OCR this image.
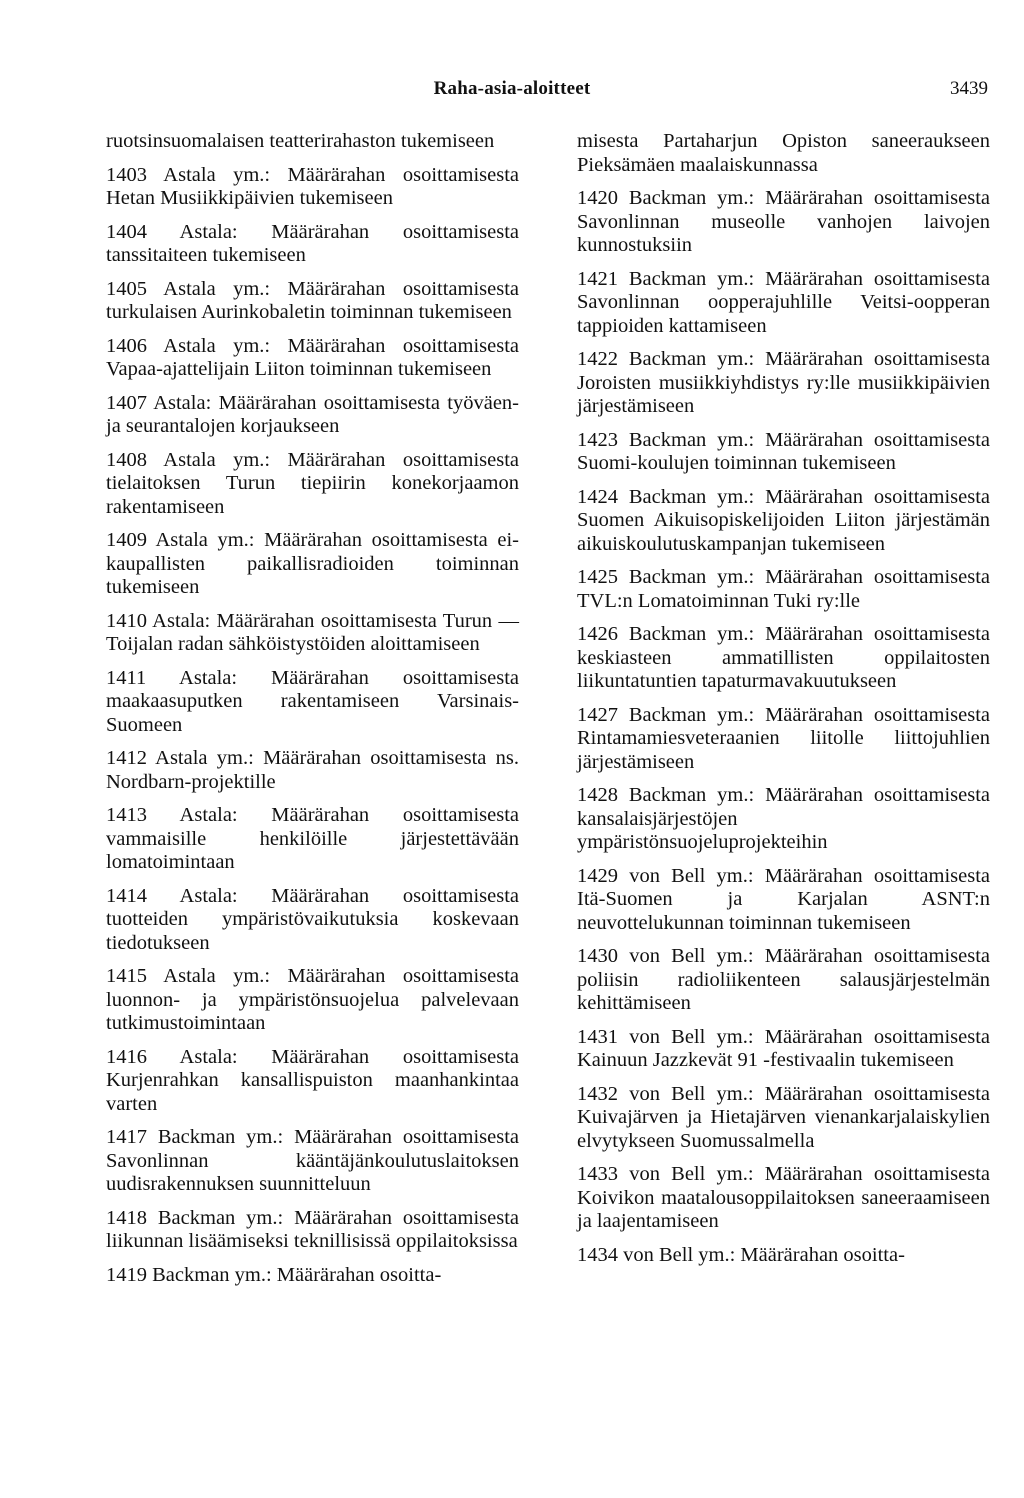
Raha-asia-aloitteet	3439

ruotsinsuomalaisen teatterirahaston tukemiseen

1403 Astala ym.: Määrärahan osoittamisesta Hetan Musiikkipäivien tukemiseen

1404 Astala: Määrärahan osoittamisesta tanssitaiteen tukemiseen

1405 Astala ym.: Määrärahan osoittamisesta turkulaisen Aurinkobaletin toiminnan tukemiseen

1406 Astala ym.: Määrärahan osoittamisesta Vapaa-ajattelijain Liiton toiminnan tukemiseen

1407 Astala: Määrärahan osoittamisesta työväen- ja seurantalojen korjaukseen

1408 Astala ym.: Määrärahan osoittamisesta tielaitoksen Turun tiepiirin konekorjaamon rakentamiseen

1409 Astala ym.: Määrärahan osoittamisesta ei-kaupallisten paikallisradioiden toiminnan tukemiseen

1410 Astala: Määrärahan osoittamisesta Turun — Toijalan radan sähköistystöiden aloittamiseen

1411 Astala: Määrärahan osoittamisesta maakaasuputken rakentamiseen Varsinais-Suomeen

1412 Astala ym.: Määrärahan osoittamisesta ns. Nordbarn-projektille

1413 Astala: Määrärahan osoittamisesta vammaisille henkilöille järjestettävään lomatoimintaan

1414 Astala: Määrärahan osoittamisesta tuotteiden ympäristövaikutuksia koskevaan tiedotukseen

1415 Astala ym.: Määrärahan osoittamisesta luonnon- ja ympäristönsuojelua palvelevaan tutkimustoimintaan

1416 Astala: Määrärahan osoittamisesta Kurjenrahkan kansallispuiston maanhankintaa varten

1417 Backman ym.: Määrärahan osoittamisesta Savonlinnan kääntäjänkoulutuslaitoksen uudisrakennuksen suunnitteluun

1418 Backman ym.: Määrärahan osoittamisesta liikunnan lisäämiseksi teknillisissä oppilaitoksissa

1419 Backman ym.: Määrärahan osoitta-

misesta Partaharjun Opiston saneeraukseen Pieksämäen maalaiskunnassa

1420 Backman ym.: Määrärahan osoittamisesta Savonlinnan museolle vanhojen laivojen kunnostuksiin

1421 Backman ym.: Määrärahan osoittamisesta Savonlinnan oopperajuhlille Veitsi-oopperan tappioiden kattamiseen

1422 Backman ym.: Määrärahan osoittamisesta Joroisten musiikkiyhdistys ry:lle musiikkipäivien järjestämiseen

1423 Backman ym.: Määrärahan osoittamisesta Suomi-koulujen toiminnan tukemiseen

1424 Backman ym.: Määrärahan osoittamisesta Suomen Aikuisopiskelijoiden Liiton järjestämän aikuiskoulutuskampanjan tukemiseen

1425 Backman ym.: Määrärahan osoittamisesta TVL:n Lomatoiminnan Tuki ry:lle

1426 Backman ym.: Määrärahan osoittamisesta keskiasteen ammatillisten oppilaitosten liikuntatuntien tapaturmavakuutukseen

1427 Backman ym.: Määrärahan osoittamisesta Rintamamiesveteraanien liitolle liittojuhlien järjestämiseen

1428 Backman ym.: Määrärahan osoittamisesta kansalaisjärjestöjen ympäristönsuojeluprojekteihin

1429 von Bell ym.: Määrärahan osoittamisesta Itä-Suomen ja Karjalan ASNT:n neuvottelukunnan toiminnan tukemiseen

1430 von Bell ym.: Määrärahan osoittamisesta poliisin radioliikenteen salausjärjestelmän kehittämiseen

1431 von Bell ym.: Määrärahan osoittamisesta Kainuun Jazzkevät 91 -festivaalin tukemiseen

1432 von Bell ym.: Määrärahan osoittamisesta Kuivajärven ja Hietajärven vienankarjalaiskylien elvytykseen Suomussalmella

1433 von Bell ym.: Määrärahan osoittamisesta Koivikon maatalousoppilaitoksen saneeraamiseen ja laajentamiseen

1434 von Bell ym.: Määrärahan osoitta-
